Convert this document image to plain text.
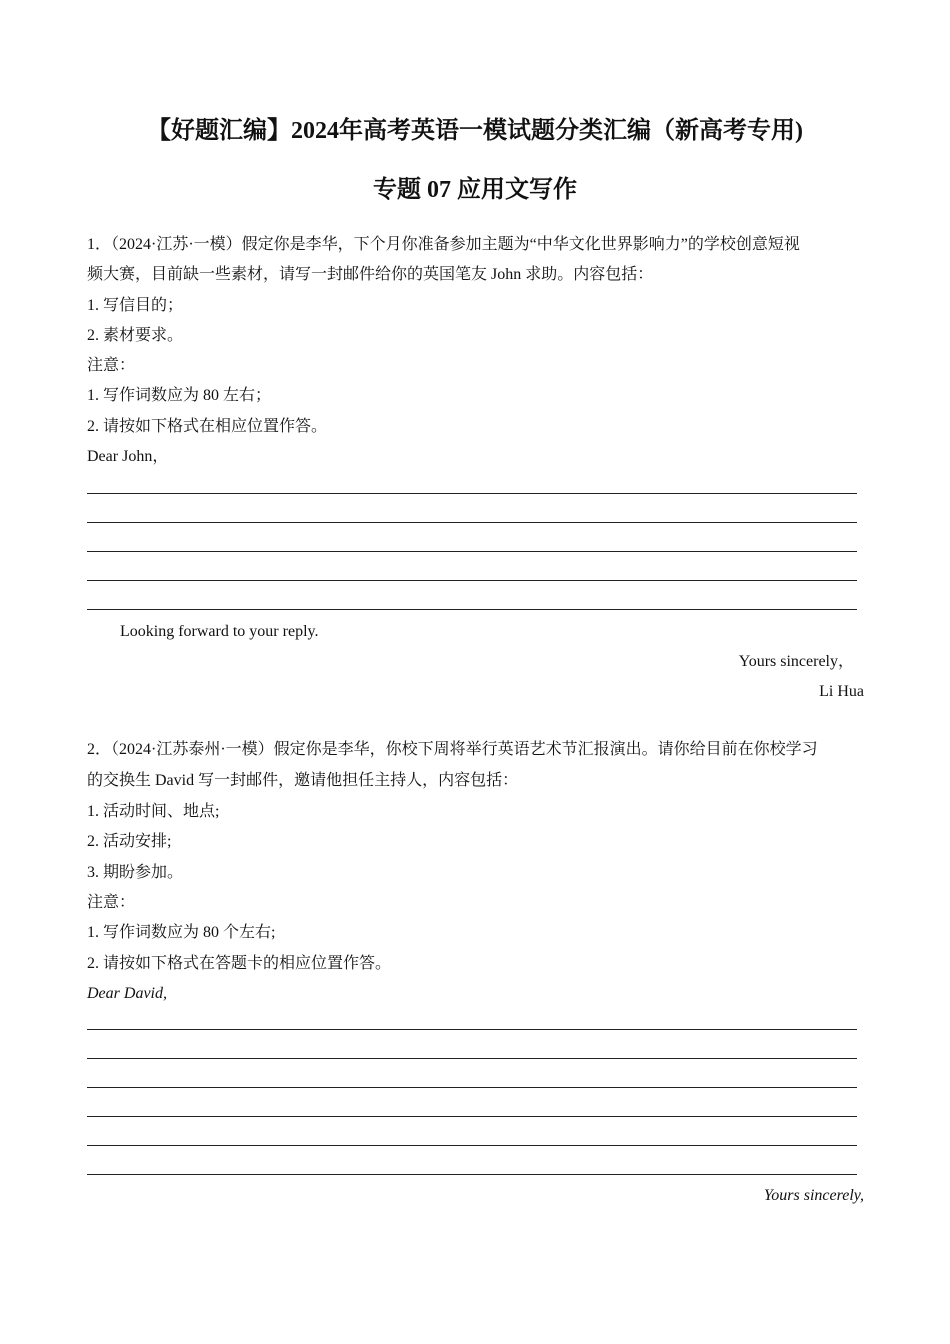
【好题汇编】2024年高考英语一模试题分类汇编（新高考专用)
专题 07 应用文写作
1．（2024·江苏·一模）假定你是李华，下个月你准备参加主题为“中华文化世界影响力”的学校创意短视
频大赛，目前缺一些素材，请写一封邮件给你的英国笔友 John 求助。内容包括：
1. 写信目的；
2. 素材要求。
注意：
1. 写作词数应为 80 左右；
2. 请按如下格式在相应位置作答。
Dear John，
Looking forward to your reply.
Yours sincerely，
Li Hua
2．（2024·江苏泰州·一模）假定你是李华，你校下周将举行英语艺术节汇报演出。请你给目前在你校学习
的交换生 David 写一封邮件，邀请他担任主持人，内容包括：
1. 活动时间、地点;
2. 活动安排;
3. 期盼参加。
注意：
1. 写作词数应为 80 个左右;
2. 请按如下格式在答题卡的相应位置作答。
Dear David,
Yours sincerely,
